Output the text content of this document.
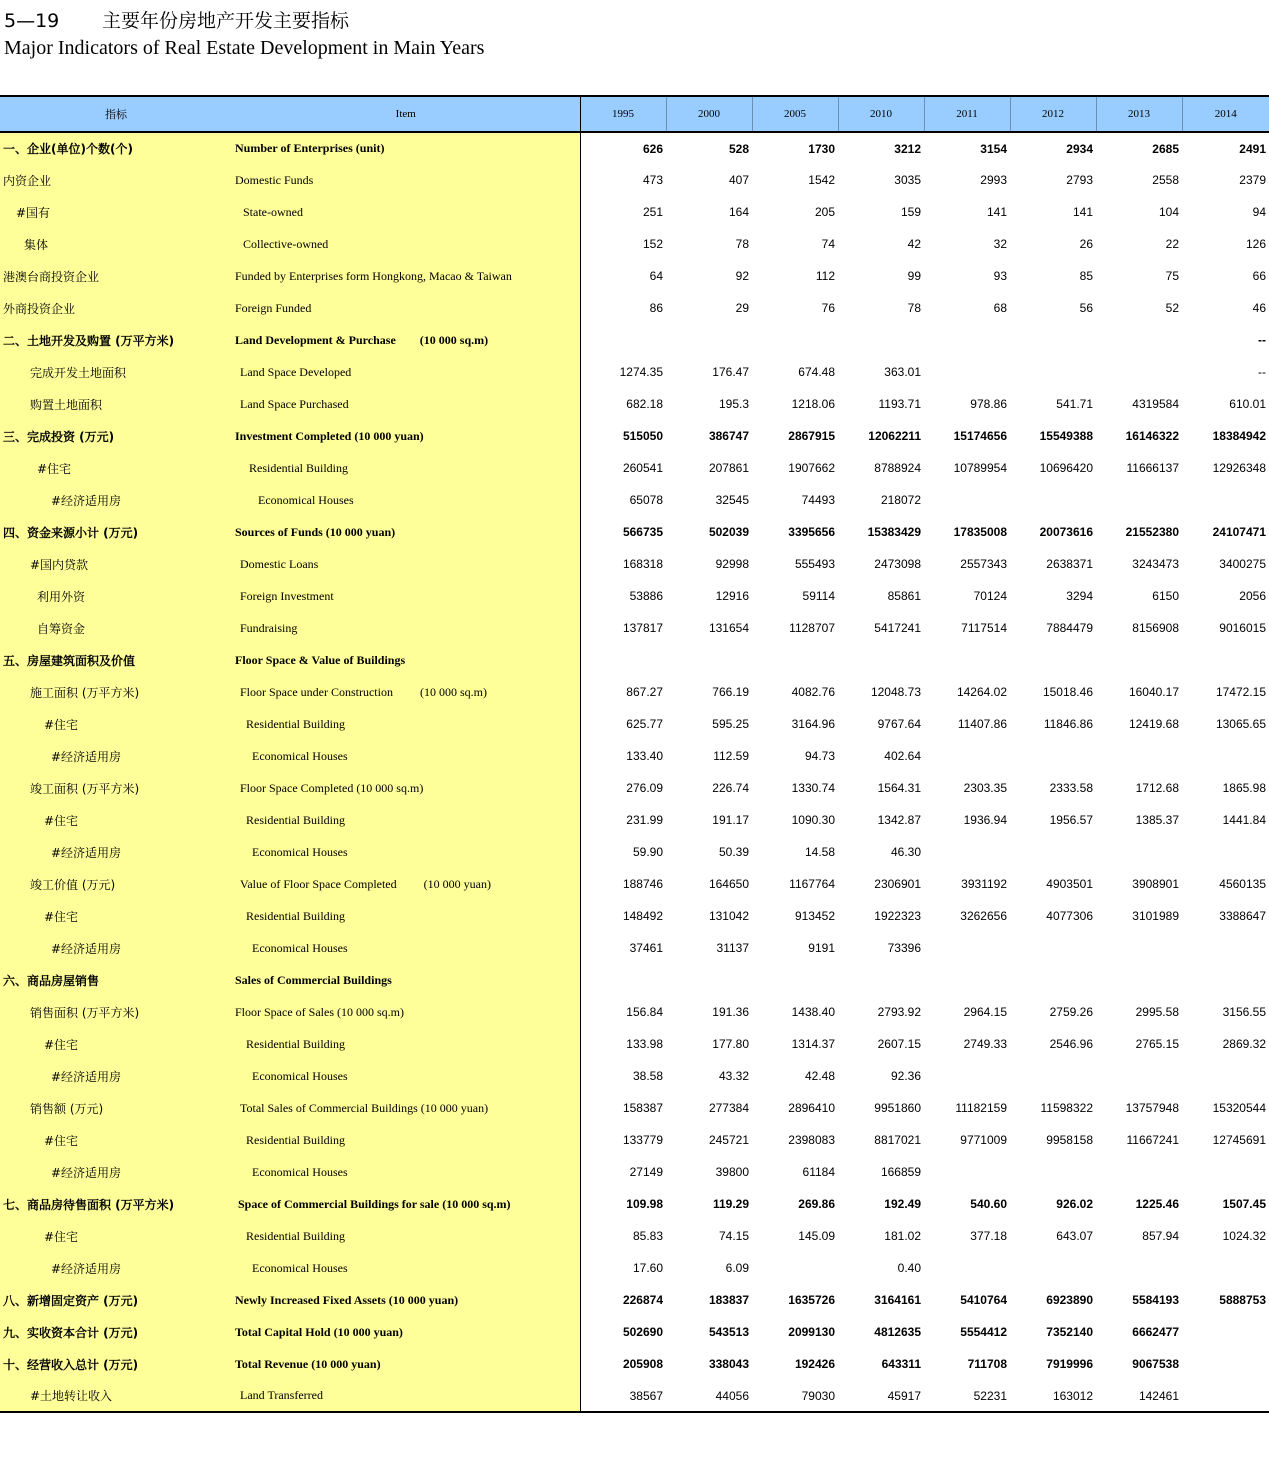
5—19 主要年份房地产开发主要指标
Major Indicators of Real Estate Development in Main Years
指标	Item	1995	2000	2005	2010	2011	2012	2013	2014
一、企业(单位)个数(个)	Number of Enterprises (unit)	626	528	1730	3212	3154	2934	2685	2491
内资企业	Domestic Funds	473	407	1542	3035	2993	2793	2558	2379
#国有	State-owned	251	164	205	159	141	141	104	94
集体	Collective-owned	152	78	74	42	32	26	22	126
港澳台商投资企业	Funded by Enterprises form Hongkong, Macao & Taiwan	64	92	112	99	93	85	75	66
外商投资企业	Foreign Funded	86	29	76	78	68	56	52	46
二、土地开发及购置 (万平方米)	Land Development & Purchase        (10 000 sq.m)								--
完成开发土地面积	Land Space Developed	1274.35	176.47	674.48	363.01				--
购置土地面积	Land Space Purchased	682.18	195.3	1218.06	1193.71	978.86	541.71	4319584	610.01
三、完成投资 (万元)	Investment Completed (10 000 yuan)	515050	386747	2867915	12062211	15174656	15549388	16146322	18384942
#住宅	Residential Building	260541	207861	1907662	8788924	10789954	10696420	11666137	12926348
#经济适用房	Economical Houses	65078	32545	74493	218072				
四、资金来源小计 (万元)	Sources of Funds (10 000 yuan)	566735	502039	3395656	15383429	17835008	20073616	21552380	24107471
#国内贷款	Domestic Loans	168318	92998	555493	2473098	2557343	2638371	3243473	3400275
利用外资	Foreign Investment	53886	12916	59114	85861	70124	3294	6150	2056
自筹资金	Fundraising	137817	131654	1128707	5417241	7117514	7884479	8156908	9016015
五、房屋建筑面积及价值	Floor Space & Value of Buildings								
施工面积 (万平方米)	Floor Space under Construction         (10 000 sq.m)	867.27	766.19	4082.76	12048.73	14264.02	15018.46	16040.17	17472.15
#住宅	Residential Building	625.77	595.25	3164.96	9767.64	11407.86	11846.86	12419.68	13065.65
#经济适用房	Economical Houses	133.40	112.59	94.73	402.64				
竣工面积 (万平方米)	Floor Space Completed (10 000 sq.m)	276.09	226.74	1330.74	1564.31	2303.35	2333.58	1712.68	1865.98
#住宅	Residential Building	231.99	191.17	1090.30	1342.87	1936.94	1956.57	1385.37	1441.84
#经济适用房	Economical Houses	59.90	50.39	14.58	46.30				
竣工价值 (万元)	Value of Floor Space Completed         (10 000 yuan)	188746	164650	1167764	2306901	3931192	4903501	3908901	4560135
#住宅	Residential Building	148492	131042	913452	1922323	3262656	4077306	3101989	3388647
#经济适用房	Economical Houses	37461	31137	9191	73396				
六、商品房屋销售	Sales of Commercial Buildings								
销售面积 (万平方米)	Floor Space of Sales (10 000 sq.m)	156.84	191.36	1438.40	2793.92	2964.15	2759.26	2995.58	3156.55
#住宅	Residential Building	133.98	177.80	1314.37	2607.15	2749.33	2546.96	2765.15	2869.32
#经济适用房	Economical Houses	38.58	43.32	42.48	92.36				
销售额 (万元)	Total Sales of Commercial Buildings (10 000 yuan)	158387	277384	2896410	9951860	11182159	11598322	13757948	15320544
#住宅	Residential Building	133779	245721	2398083	8817021	9771009	9958158	11667241	12745691
#经济适用房	Economical Houses	27149	39800	61184	166859				
七、商品房待售面积 (万平方米)	Space of Commercial Buildings for sale (10 000 sq.m)	109.98	119.29	269.86	192.49	540.60	926.02	1225.46	1507.45
#住宅	Residential Building	85.83	74.15	145.09	181.02	377.18	643.07	857.94	1024.32
#经济适用房	Economical Houses	17.60	6.09		0.40				
八、新增固定资产 (万元)	Newly Increased Fixed Assets (10 000 yuan)	226874	183837	1635726	3164161	5410764	6923890	5584193	5888753
九、实收资本合计 (万元)	Total Capital Hold (10 000 yuan)	502690	543513	2099130	4812635	5554412	7352140	6662477	
十、经营收入总计 (万元)	Total Revenue (10 000 yuan)	205908	338043	192426	643311	711708	7919996	9067538	
#土地转让收入	Land Transferred	38567	44056	79030	45917	52231	163012	142461	
